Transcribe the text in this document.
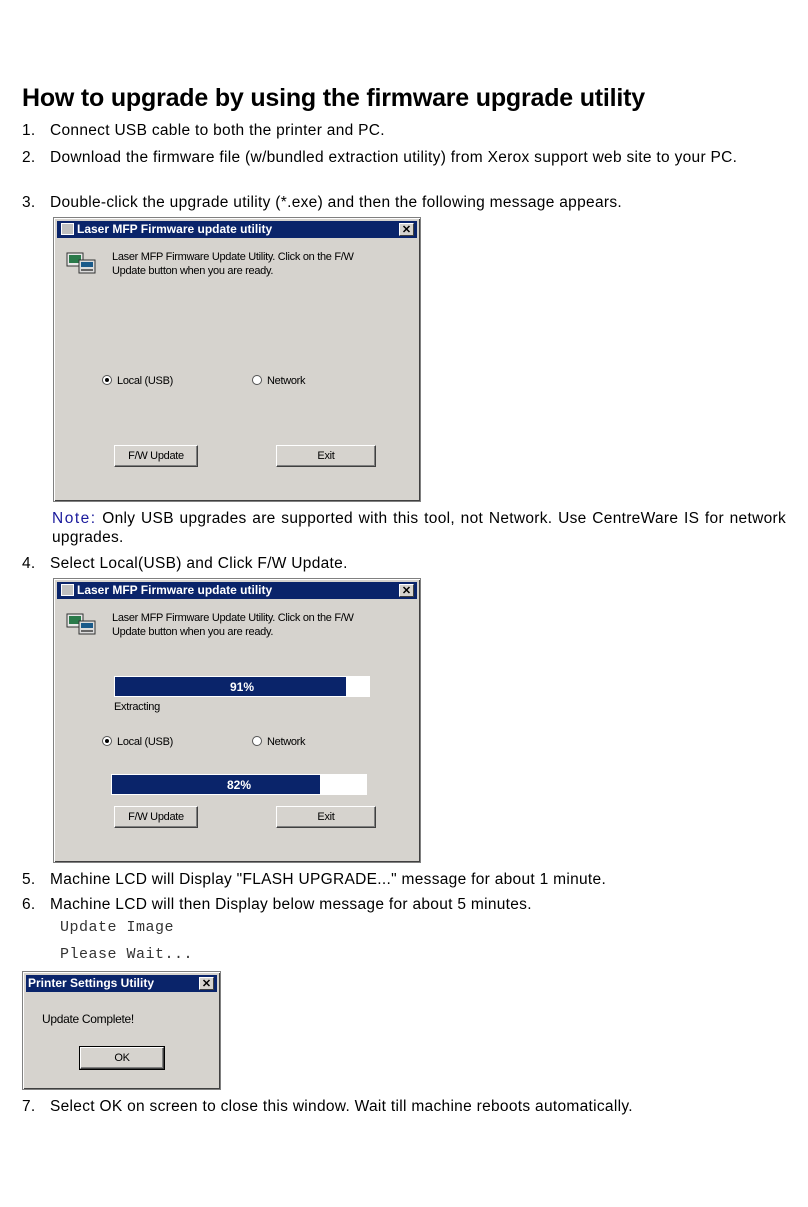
How to upgrade by using the firmware upgrade utility
1. Connect USB cable to both the printer and PC.
2. Download the firmware file (w/bundled extraction utility) from Xerox support web site to your PC.
3. Double-click the upgrade utility (*.exe) and then the following message appears.
Laser MFP Firmware update utility	✕
Laser MFP Firmware Update Utility. Click on the F/W Update button when you are ready.
Local (USB)	Network
F/W Update	Exit
Note: Only USB upgrades are supported with this tool, not Network. Use CentreWare IS for network upgrades.
4. Select Local(USB) and Click F/W Update.
Laser MFP Firmware update utility	✕
Laser MFP Firmware Update Utility. Click on the F/W Update button when you are ready.
91%
Extracting
Local (USB)	Network
82%
F/W Update	Exit
5. Machine LCD will Display "FLASH UPGRADE..." message for about 1 minute.
6. Machine LCD will then Display below message for about 5 minutes.
Update Image
Please Wait...
Printer Settings Utility	✕
Update Complete!
OK
7. Select OK on screen to close this window. Wait till machine reboots automatically.
